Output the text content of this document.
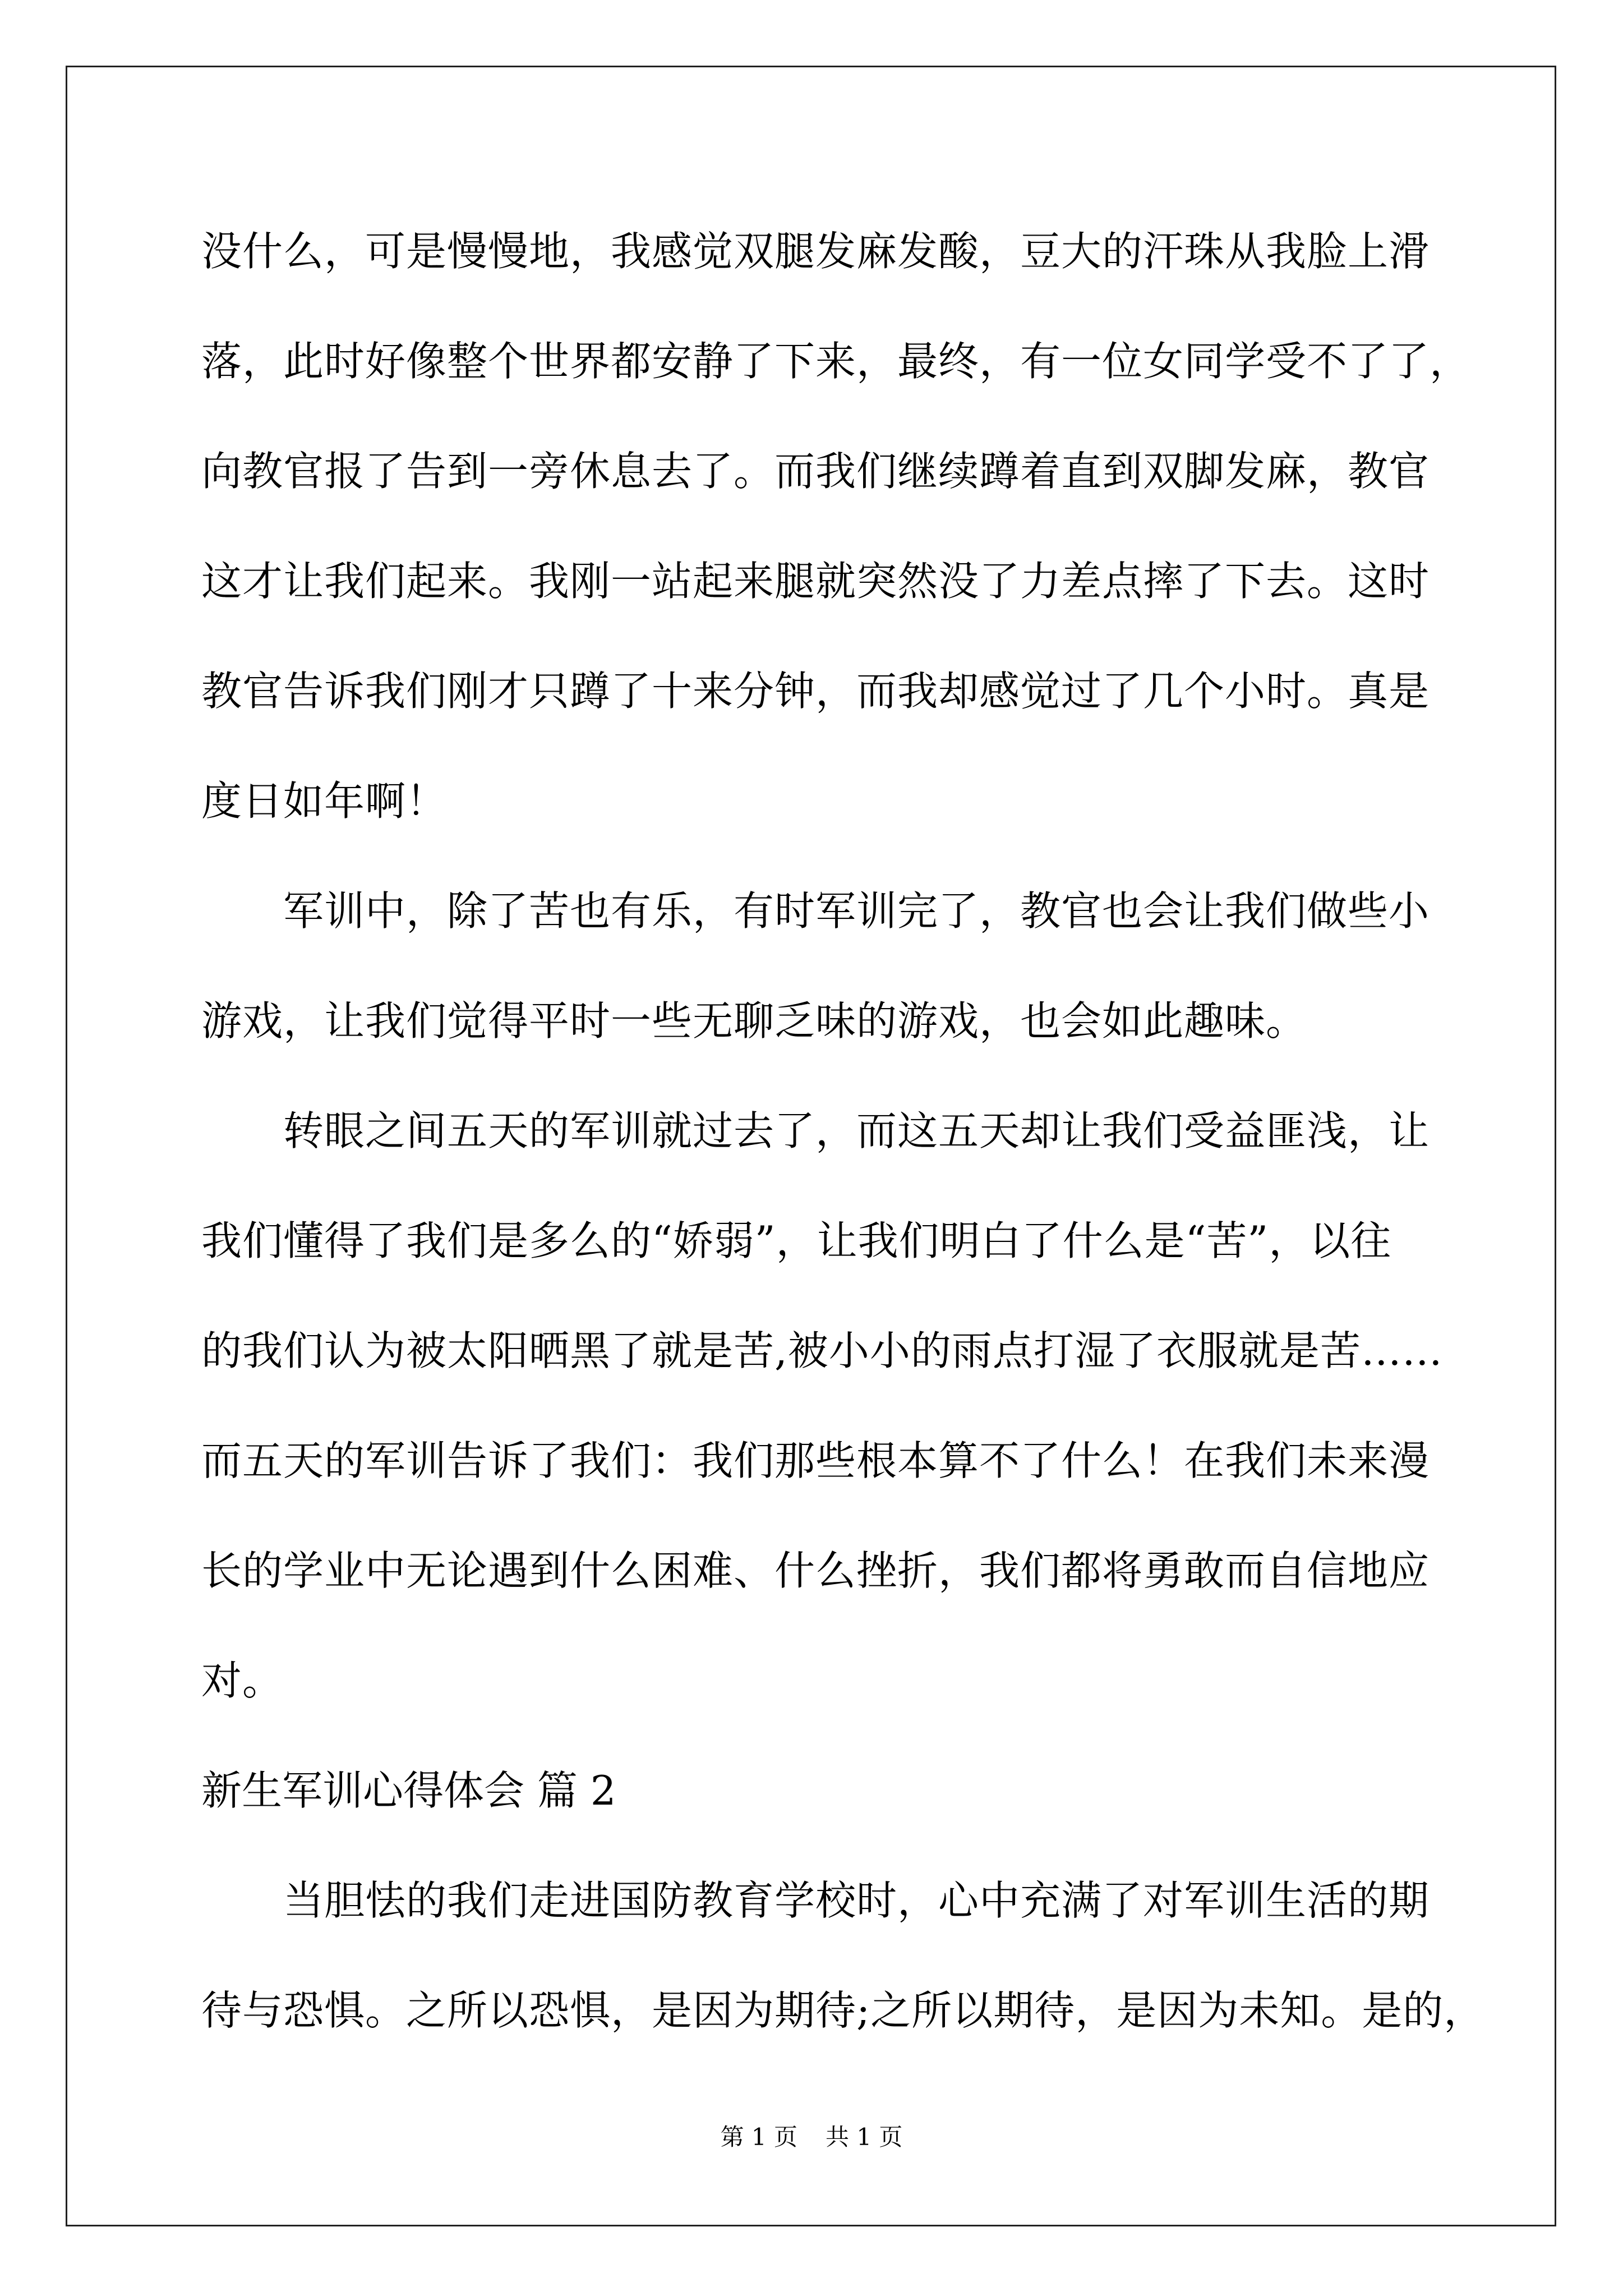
没什么，可是慢慢地，我感觉双腿发麻发酸，豆大的汗珠从我脸上滑
落，此时好像整个世界都安静了下来，最终，有一位女同学受不了了，
向教官报了告到一旁休息去了。而我们继续蹲着直到双脚发麻，教官
这才让我们起来。我刚一站起来腿就突然没了力差点摔了下去。这时
教官告诉我们刚才只蹲了十来分钟，而我却感觉过了几个小时。真是
度日如年啊！
军训中，除了苦也有乐，有时军训完了，教官也会让我们做些小
游戏，让我们觉得平时一些无聊乏味的游戏，也会如此趣味。
转眼之间五天的军训就过去了，而这五天却让我们受益匪浅，让
我们懂得了我们是多么的“娇弱”，让我们明白了什么是“苦”，以往
的我们认为被太阳晒黑了就是苦,被小小的雨点打湿了衣服就是苦……
而五天的军训告诉了我们：我们那些根本算不了什么！在我们未来漫
长的学业中无论遇到什么困难、什么挫折，我们都将勇敢而自信地应
对。
新生军训心得体会 篇 2
当胆怯的我们走进国防教育学校时，心中充满了对军训生活的期
待与恐惧。之所以恐惧，是因为期待;之所以期待，是因为未知。是的，
第 1 页 共 1 页
